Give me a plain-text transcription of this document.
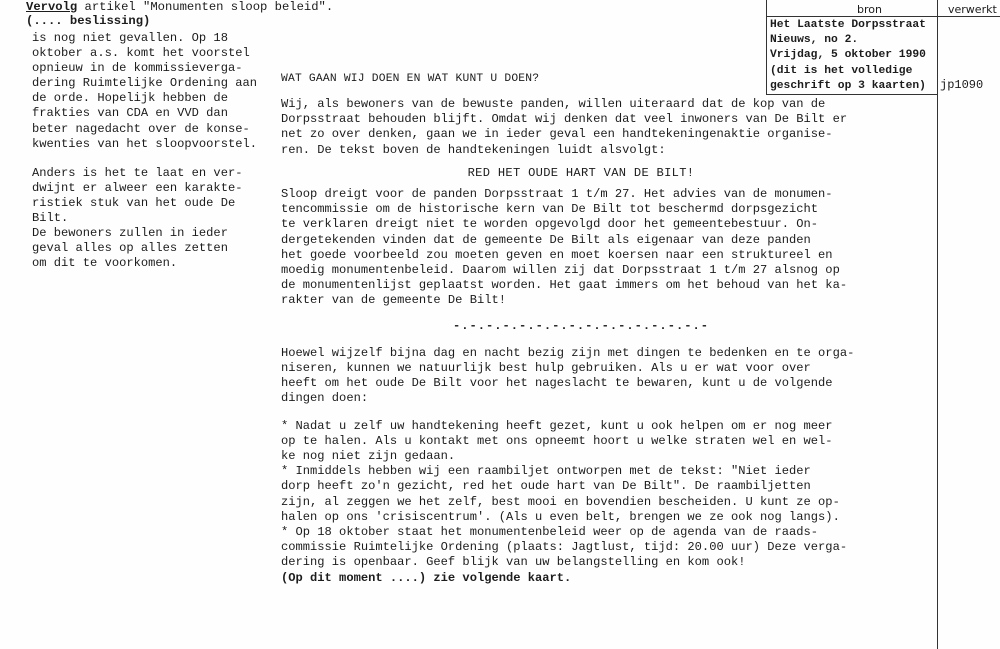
bron	verwerkt
Het Laatste Dorpsstraat
Nieuws, no 2.
Vrijdag, 5 oktober 1990
(dit is het volledige
geschrift op 3 kaarten)	jp1090
Vervolg artikel "Monumenten sloop beleid".
(.... beslissing)
is nog niet gevallen. Op 18
oktober a.s. komt het voorstel
opnieuw in de kommissieverga-
dering Ruimtelijke Ordening aan
de orde. Hopelijk hebben de
frakties van CDA en VVD dan
beter nagedacht over de konse-
kwenties van het sloopvoorstel.
Anders is het te laat en ver-
dwijnt er alweer een karakte-
ristiek stuk van het oude De
Bilt.
De bewoners zullen in ieder
geval alles op alles zetten
om dit te voorkomen.
WAT GAAN WIJ DOEN EN WAT KUNT U DOEN?
Wij, als bewoners van de bewuste panden, willen uiteraard dat de kop van de
Dorpsstraat behouden blijft. Omdat wij denken dat veel inwoners van De Bilt er
net zo over denken, gaan we in ieder geval een handtekeningenaktie organise-
ren. De tekst boven de handtekeningen luidt alsvolgt:
RED HET OUDE HART VAN DE BILT!
Sloop dreigt voor de panden Dorpsstraat 1 t/m 27. Het advies van de monumen-
tencommissie om de historische kern van De Bilt tot beschermd dorpsgezicht
te verklaren dreigt niet te worden opgevolgd door het gemeentebestuur. On-
dergetekenden vinden dat de gemeente De Bilt als eigenaar van deze panden
het goede voorbeeld zou moeten geven en moet koersen naar een struktureel en
moedig monumentenbeleid. Daarom willen zij dat Dorpsstraat 1 t/m 27 alsnog op
de monumentenlijst geplaatst worden. Het gaat immers om het behoud van het ka-
rakter van de gemeente De Bilt!
-.-.-.-.-.-.-.-.-.-.-.-.-.-.-.-
Hoewel wijzelf bijna dag en nacht bezig zijn met dingen te bedenken en te orga-
niseren, kunnen we natuurlijk best hulp gebruiken. Als u er wat voor over
heeft om het oude De Bilt voor het nageslacht te bewaren, kunt u de volgende
dingen doen:
* Nadat u zelf uw handtekening heeft gezet, kunt u ook helpen om er nog meer
op te halen. Als u kontakt met ons opneemt hoort u welke straten wel en wel-
ke nog niet zijn gedaan.
* Inmiddels hebben wij een raambiljet ontworpen met de tekst: "Niet ieder
dorp heeft zo'n gezicht, red het oude hart van De Bilt". De raambiljetten
zijn, al zeggen we het zelf, best mooi en bovendien bescheiden. U kunt ze op-
halen op ons 'crisiscentrum'. (Als u even belt, brengen we ze ook nog langs).
* Op 18 oktober staat het monumentenbeleid weer op de agenda van de raads-
commissie Ruimtelijke Ordening (plaats: Jagtlust, tijd: 20.00 uur) Deze verga-
dering is openbaar. Geef blijk van uw belangstelling en kom ook!
(Op dit moment ....) zie volgende kaart.
